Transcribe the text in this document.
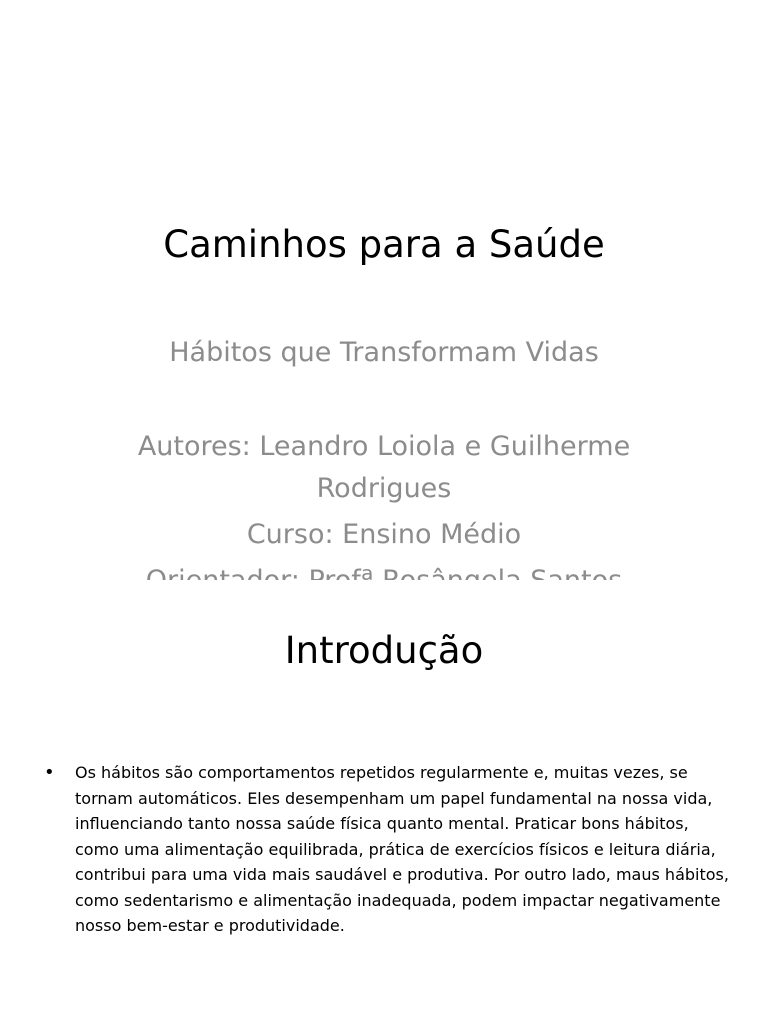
Caminhos para a Saúde

Hábitos que Transformam Vidas

Autores: Leandro Loiola e Guilherme Rodrigues

Curso: Ensino Médio

Introdução
• Os hábitos são comportamentos repetidos regularmente e, muitas vezes, se tornam automáticos. Eles desempenham um papel fundamental na nossa vida, influenciando tanto nossa saúde física quanto mental. Praticar bons hábitos, como uma alimentação equilibrada, prática de exercícios físicos e leitura diária, contribui para uma vida mais saudável e produtiva. Por outro lado, maus hábitos, como sedentarismo e alimentação inadequada, podem impactar negativamente nosso bem-estar e produtividade.
